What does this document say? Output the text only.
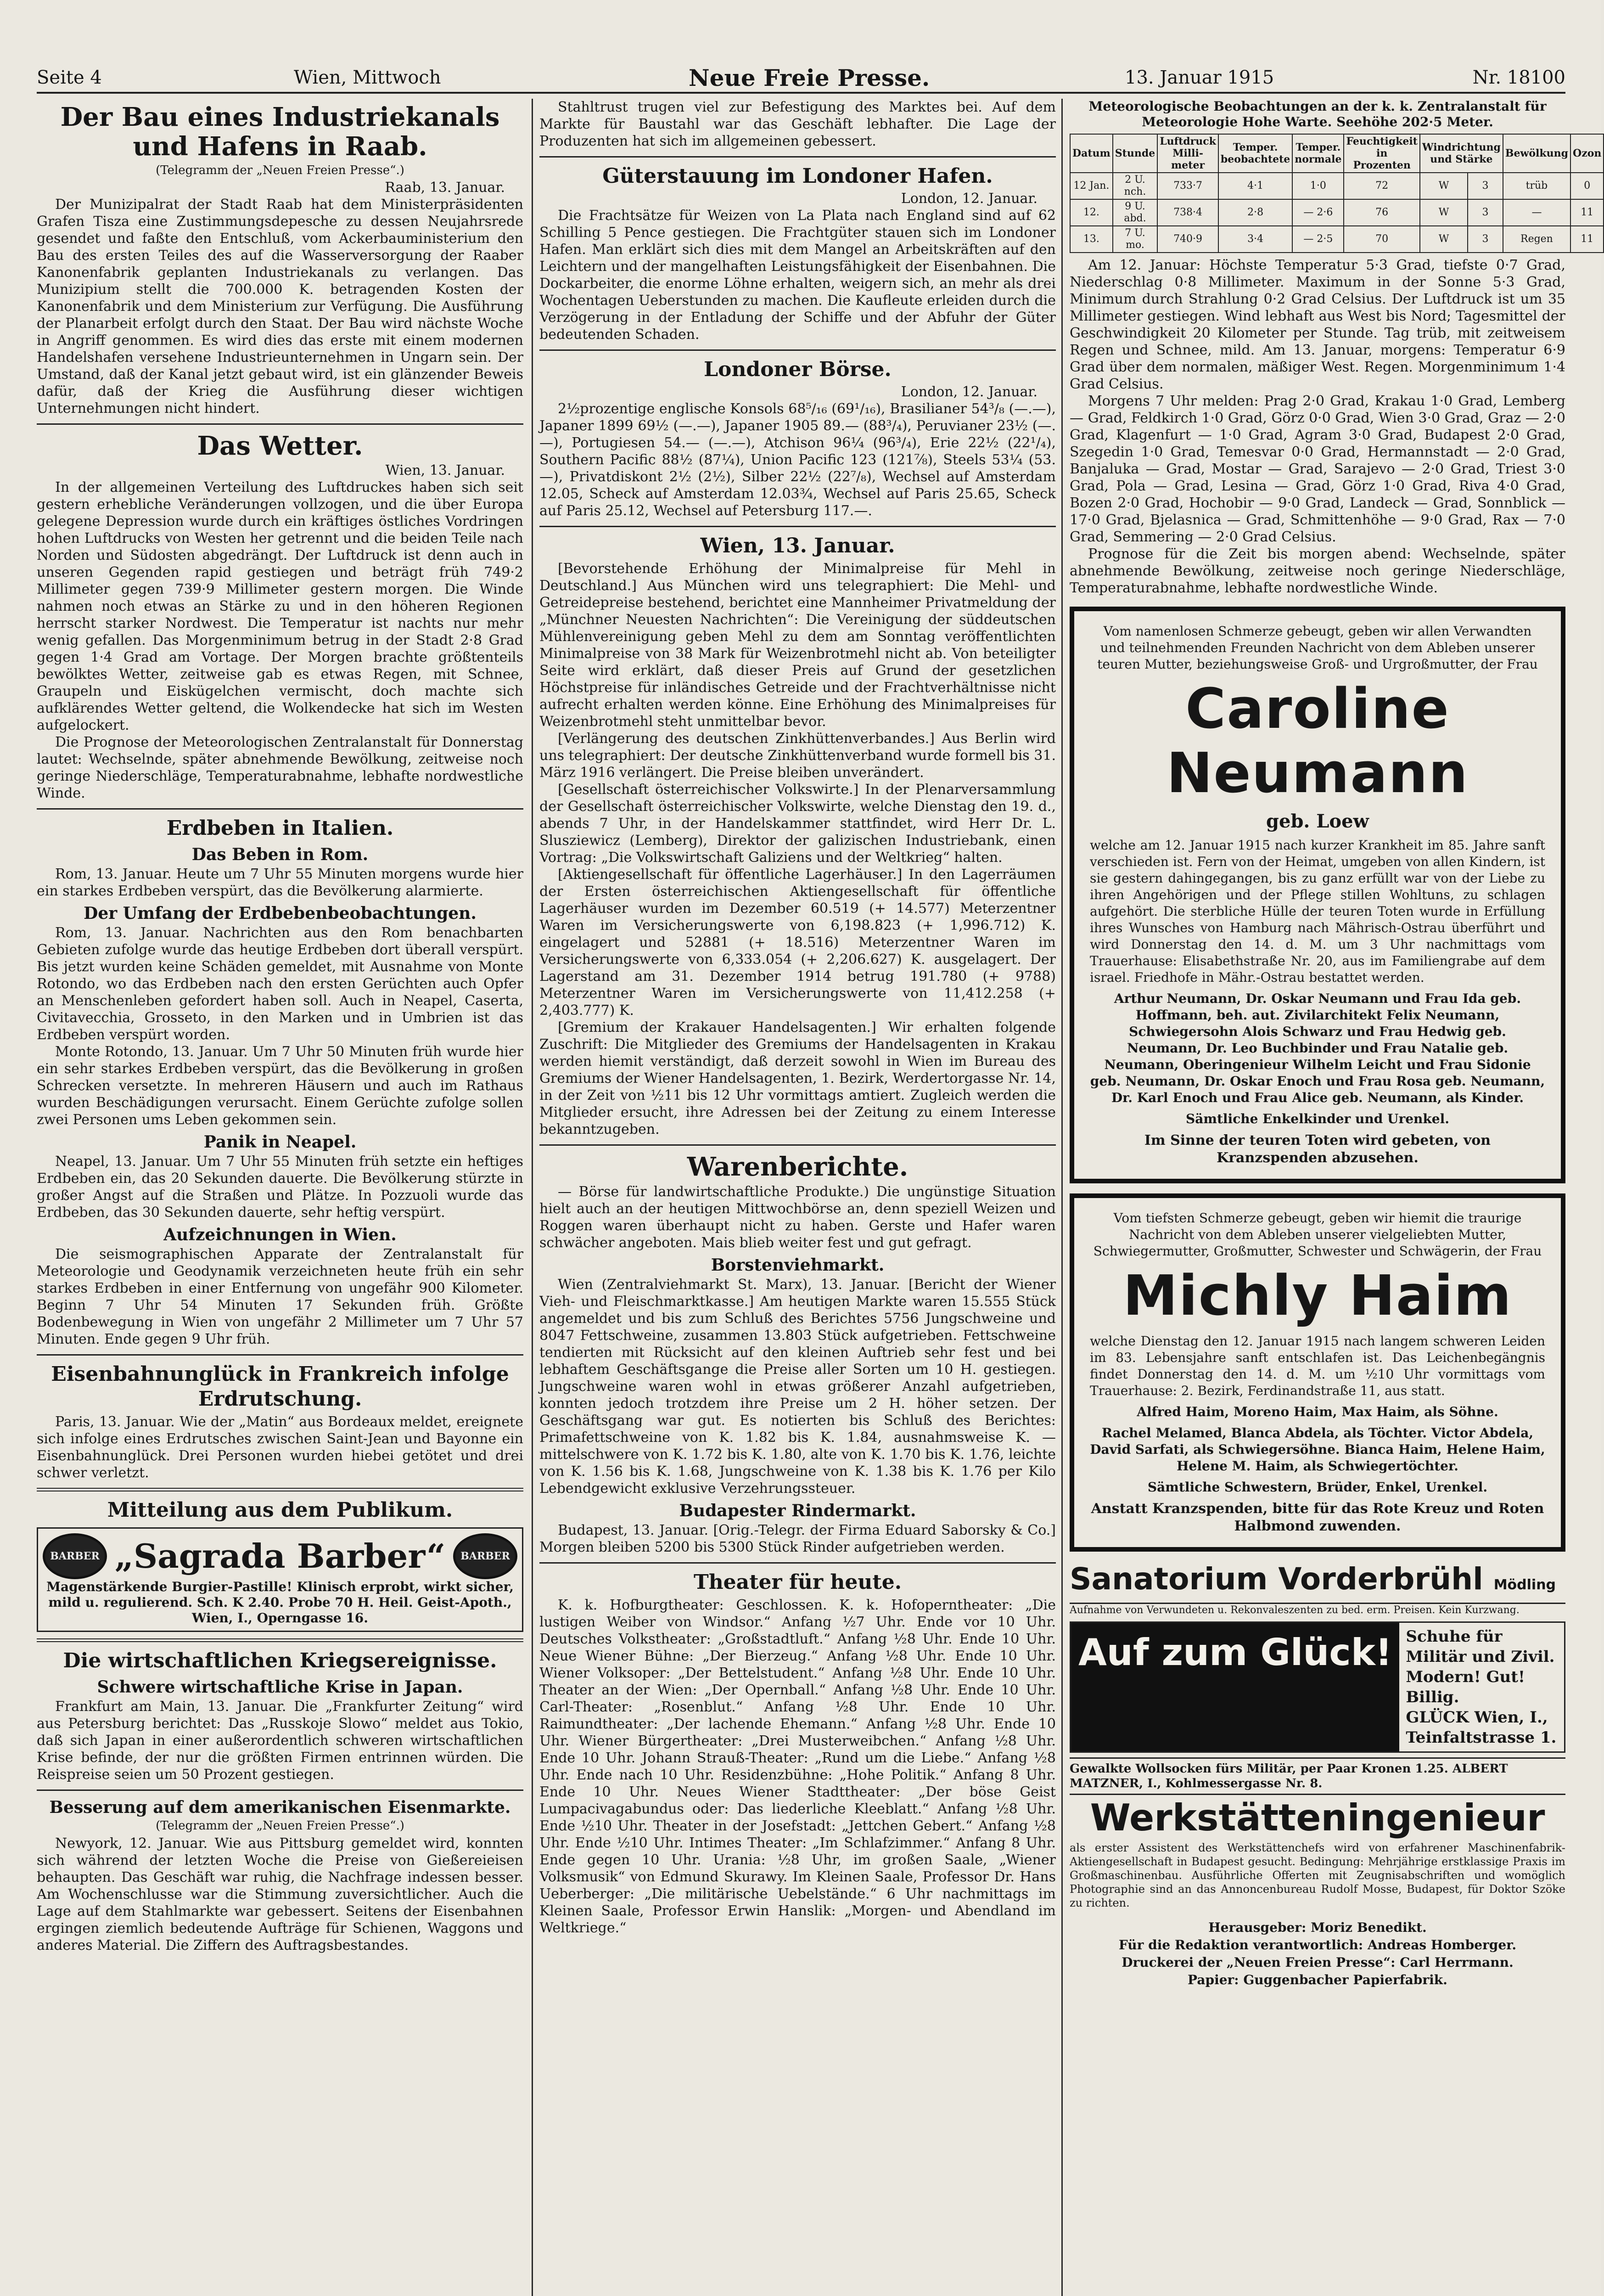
Seite 4	Wien, Mittwoch	Neue Freie Presse.	13. Januar 1915	Nr. 18100
Der Bau eines Industriekanals und Hafens in Raab.
(Telegramm der „Neuen Freien Presse“.)
Raab, 13. Januar.

Der Munizipalrat der Stadt Raab hat dem Ministerpräsidenten Grafen Tisza eine Zustimmungsdepesche zu dessen Neujahrsrede gesendet und faßte den Entschluß, vom Ackerbauministerium den Bau des ersten Teiles des auf die Wasserversorgung der Raaber Kanonenfabrik geplanten Industriekanals zu verlangen. Das Munizipium stellt die 700.000 K. betragenden Kosten der Kanonenfabrik und dem Ministerium zur Verfügung. Die Ausführung der Planarbeit erfolgt durch den Staat. Der Bau wird nächste Woche in Angriff genommen. Es wird dies das erste mit einem modernen Handelshafen versehene Industrieunternehmen in Ungarn sein. Der Umstand, daß der Kanal jetzt gebaut wird, ist ein glänzender Beweis dafür, daß der Krieg die Ausführung dieser wichtigen Unternehmungen nicht hindert.

Das Wetter.
Wien, 13. Januar.

In der allgemeinen Verteilung des Luftdruckes haben sich seit gestern erhebliche Veränderungen vollzogen, und die über Europa gelegene Depression wurde durch ein kräftiges östliches Vordringen hohen Luftdrucks von Westen her getrennt und die beiden Teile nach Norden und Südosten abgedrängt. Der Luftdruck ist denn auch in unseren Gegenden rapid gestiegen und beträgt früh 749·2 Millimeter gegen 739·9 Millimeter gestern morgen. Die Winde nahmen noch etwas an Stärke zu und in den höheren Regionen herrscht starker Nordwest. Die Temperatur ist nachts nur mehr wenig gefallen. Das Morgenminimum betrug in der Stadt 2·8 Grad gegen 1·4 Grad am Vortage. Der Morgen brachte größtenteils bewölktes Wetter, zeitweise gab es etwas Regen, mit Schnee, Graupeln und Eiskügelchen vermischt, doch machte sich aufklärendes Wetter geltend, die Wolkendecke hat sich im Westen aufgelockert.

Die Prognose der Meteorologischen Zentralanstalt für Donnerstag lautet: Wechselnde, später abnehmende Bewölkung, zeitweise noch geringe Niederschläge, Temperaturabnahme, lebhafte nordwestliche Winde.

Erdbeben in Italien.
Das Beben in Rom.

Rom, 13. Januar. Heute um 7 Uhr 55 Minuten morgens wurde hier ein starkes Erdbeben verspürt, das die Bevölkerung alarmierte.

Der Umfang der Erdbebenbeobachtungen.

Rom, 13. Januar. Nachrichten aus den Rom benachbarten Gebieten zufolge wurde das heutige Erdbeben dort überall verspürt. Bis jetzt wurden keine Schäden gemeldet, mit Ausnahme von Monte Rotondo, wo das Erdbeben nach den ersten Gerüchten auch Opfer an Menschenleben gefordert haben soll. Auch in Neapel, Caserta, Civitavecchia, Grosseto, in den Marken und in Umbrien ist das Erdbeben verspürt worden.

Monte Rotondo, 13. Januar. Um 7 Uhr 50 Minuten früh wurde hier ein sehr starkes Erdbeben verspürt, das die Bevölkerung in großen Schrecken versetzte. In mehreren Häusern und auch im Rathaus wurden Beschädigungen verursacht. Einem Gerüchte zufolge sollen zwei Personen ums Leben gekommen sein.

Panik in Neapel.

Neapel, 13. Januar. Um 7 Uhr 55 Minuten früh setzte ein heftiges Erdbeben ein, das 20 Sekunden dauerte. Die Bevölkerung stürzte in großer Angst auf die Straßen und Plätze. In Pozzuoli wurde das Erdbeben, das 30 Sekunden dauerte, sehr heftig verspürt.

Aufzeichnungen in Wien.

Die seismographischen Apparate der Zentralanstalt für Meteorologie und Geodynamik verzeichneten heute früh ein sehr starkes Erdbeben in einer Entfernung von ungefähr 900 Kilometer. Beginn 7 Uhr 54 Minuten 17 Sekunden früh. Größte Bodenbewegung in Wien von ungefähr 2 Millimeter um 7 Uhr 57 Minuten. Ende gegen 9 Uhr früh.

Eisenbahnunglück in Frankreich infolge Erdrutschung.

Paris, 13. Januar. Wie der „Matin“ aus Bordeaux meldet, ereignete sich infolge eines Erdrutsches zwischen Saint-Jean und Bayonne ein Eisenbahnunglück. Drei Personen wurden hiebei getötet und drei schwer verletzt.

Mitteilung aus dem Publikum.
BARBER „Sagrada Barber“	BARBER
Magenstärkende Burgier-Pastille! Klinisch erprobt, wirkt sicher, mild u. regulierend. Sch. K 2.40. Probe 70 H. Heil. Geist-Apoth., Wien, I., Operngasse 16.
Die wirtschaftlichen Kriegsereignisse.
Schwere wirtschaftliche Krise in Japan.

Frankfurt am Main, 13. Januar. Die „Frankfurter Zeitung“ wird aus Petersburg berichtet: Das „Russkoje Slowo“ meldet aus Tokio, daß sich Japan in einer außerordentlich schweren wirtschaftlichen Krise befinde, der nur die größten Firmen entrinnen würden. Die Reispreise seien um 50 Prozent gestiegen.

Besserung auf dem amerikanischen Eisenmarkte.
(Telegramm der „Neuen Freien Presse“.)

Newyork, 12. Januar. Wie aus Pittsburg gemeldet wird, konnten sich während der letzten Woche die Preise von Gießereieisen behaupten. Das Geschäft war ruhig, die Nachfrage indessen besser. Am Wochenschlusse war die Stimmung zuversichtlicher. Auch die Lage auf dem Stahlmarkte war gebessert. Seitens der Eisenbahnen ergingen ziemlich bedeutende Aufträge für Schienen, Waggons und anderes Material. Die Ziffern des Auftragsbestandes.

Stahltrust trugen viel zur Befestigung des Marktes bei. Auf dem Markte für Baustahl war das Geschäft lebhafter. Die Lage der Produzenten hat sich im allgemeinen gebessert.

Güterstauung im Londoner Hafen.
London, 12. Januar.

Die Frachtsätze für Weizen von La Plata nach England sind auf 62 Schilling 5 Pence gestiegen. Die Frachtgüter stauen sich im Londoner Hafen. Man erklärt sich dies mit dem Mangel an Arbeitskräften auf den Leichtern und der mangelhaften Leistungsfähigkeit der Eisenbahnen. Die Dockarbeiter, die enorme Löhne erhalten, weigern sich, an mehr als drei Wochentagen Ueberstunden zu machen. Die Kaufleute erleiden durch die Verzögerung in der Entladung der Schiffe und der Abfuhr der Güter bedeutenden Schaden.

Londoner Börse.
London, 12. Januar.

2½prozentige englische Konsols 68⁵/₁₆ (69¹/₁₆), Brasilianer 54³/₈ (—.—), Japaner 1899 69½ (—.—), Japaner 1905 89.— (88³/₄), Peruvianer 23½ (—.—), Portugiesen 54.— (—.—), Atchison 96¼ (96³/₄), Erie 22½ (22¹/₄), Southern Pacific 88½ (87¼), Union Pacific 123 (121⅞), Steels 53¼ (53.—), Privatdiskont 2½ (2½), Silber 22½ (22⁷/₈), Wechsel auf Amsterdam 12.05, Scheck auf Amsterdam 12.03¾, Wechsel auf Paris 25.65, Scheck auf Paris 25.12, Wechsel auf Petersburg 117.—.

Wien, 13. Januar.

[Bevorstehende Erhöhung der Minimalpreise für Mehl in Deutschland.] Aus München wird uns telegraphiert: Die Mehl- und Getreidepreise bestehend, berichtet eine Mannheimer Privatmeldung der „Münchner Neuesten Nachrichten“: Die Vereinigung der süddeutschen Mühlenvereinigung geben Mehl zu dem am Sonntag veröffentlichten Minimalpreise von 38 Mark für Weizenbrotmehl nicht ab. Von beteiligter Seite wird erklärt, daß dieser Preis auf Grund der gesetzlichen Höchstpreise für inländisches Getreide und der Frachtverhältnisse nicht aufrecht erhalten werden könne. Eine Erhöhung des Minimalpreises für Weizenbrotmehl steht unmittelbar bevor.

[Verlängerung des deutschen Zinkhüttenverbandes.] Aus Berlin wird uns telegraphiert: Der deutsche Zinkhüttenverband wurde formell bis 31. März 1916 verlängert. Die Preise bleiben unverändert.

[Gesellschaft österreichischer Volkswirte.] In der Plenarversammlung der Gesellschaft österreichischer Volkswirte, welche Dienstag den 19. d., abends 7 Uhr, in der Handelskammer stattfindet, wird Herr Dr. L. Slusziewicz (Lemberg), Direktor der galizischen Industriebank, einen Vortrag: „Die Volkswirtschaft Galiziens und der Weltkrieg“ halten.

[Aktiengesellschaft für öffentliche Lagerhäuser.] In den Lagerräumen der Ersten österreichischen Aktiengesellschaft für öffentliche Lagerhäuser wurden im Dezember 60.519 (+ 14.577) Meterzentner Waren im Versicherungswerte von 6,198.823 (+ 1,996.712) K. eingelagert und 52881 (+ 18.516) Meterzentner Waren im Versicherungswerte von 6,333.054 (+ 2,206.627) K. ausgelagert. Der Lagerstand am 31. Dezember 1914 betrug 191.780 (+ 9788) Meterzentner Waren im Versicherungswerte von 11,412.258 (+ 2,403.777) K.

[Gremium der Krakauer Handelsagenten.] Wir erhalten folgende Zuschrift: Die Mitglieder des Gremiums der Handelsagenten in Krakau werden hiemit verständigt, daß derzeit sowohl in Wien im Bureau des Gremiums der Wiener Handelsagenten, 1. Bezirk, Werdertorgasse Nr. 14, in der Zeit von ½11 bis 12 Uhr vormittags amtiert. Zugleich werden die Mitglieder ersucht, ihre Adressen bei der Zeitung zu einem Interesse bekanntzugeben.

Warenberichte.

— Börse für landwirtschaftliche Produkte.) Die ungünstige Situation hielt auch an der heutigen Mittwochbörse an, denn speziell Weizen und Roggen waren überhaupt nicht zu haben. Gerste und Hafer waren schwächer angeboten. Mais blieb weiter fest und gut gefragt.

Borstenviehmarkt.

Wien (Zentralviehmarkt St. Marx), 13. Januar. [Bericht der Wiener Vieh- und Fleischmarktkasse.] Am heutigen Markte waren 15.555 Stück angemeldet und bis zum Schluß des Berichtes 5756 Jungschweine und 8047 Fettschweine, zusammen 13.803 Stück aufgetrieben. Fettschweine tendierten mit Rücksicht auf den kleinen Auftrieb sehr fest und bei lebhaftem Geschäftsgange die Preise aller Sorten um 10 H. gestiegen. Jungschweine waren wohl in etwas größerer Anzahl aufgetrieben, konnten jedoch trotzdem ihre Preise um 2 H. höher setzen. Der Geschäftsgang war gut. Es notierten bis Schluß des Berichtes: Primafettschweine von K. 1.82 bis K. 1.84, ausnahmsweise K. — mittelschwere von K. 1.72 bis K. 1.80, alte von K. 1.70 bis K. 1.76, leichte von K. 1.56 bis K. 1.68, Jungschweine von K. 1.38 bis K. 1.76 per Kilo Lebendgewicht exklusive Verzehrungssteuer.

Budapester Rindermarkt.

Budapest, 13. Januar. [Orig.-Telegr. der Firma Eduard Saborsky & Co.] Morgen bleiben 5200 bis 5300 Stück Rinder aufgetrieben werden.

Theater für heute.

K. k. Hofburgtheater: Geschlossen. K. k. Hofoperntheater: „Die lustigen Weiber von Windsor.“ Anfang ½7 Uhr. Ende vor 10 Uhr. Deutsches Volkstheater: „Großstadtluft.“ Anfang ½8 Uhr. Ende 10 Uhr. Neue Wiener Bühne: „Der Bierzeug.“ Anfang ½8 Uhr. Ende 10 Uhr. Wiener Volksoper: „Der Bettelstudent.“ Anfang ½8 Uhr. Ende 10 Uhr. Theater an der Wien: „Der Opernball.“ Anfang ½8 Uhr. Ende 10 Uhr. Carl-Theater: „Rosenblut.“ Anfang ½8 Uhr. Ende 10 Uhr. Raimundtheater: „Der lachende Ehemann.“ Anfang ½8 Uhr. Ende 10 Uhr. Wiener Bürgertheater: „Drei Musterweibchen.“ Anfang ½8 Uhr. Ende 10 Uhr. Johann Strauß-Theater: „Rund um die Liebe.“ Anfang ½8 Uhr. Ende nach 10 Uhr. Residenzbühne: „Hohe Politik.“ Anfang 8 Uhr. Ende 10 Uhr. Neues Wiener Stadttheater: „Der böse Geist Lumpacivagabundus oder: Das liederliche Kleeblatt.“ Anfang ½8 Uhr. Ende ½10 Uhr. Theater in der Josefstadt: „Jettchen Gebert.“ Anfang ½8 Uhr. Ende ½10 Uhr. Intimes Theater: „Im Schlafzimmer.“ Anfang 8 Uhr. Ende gegen 10 Uhr. Urania: ½8 Uhr, im großen Saale, „Wiener Volksmusik“ von Edmund Skurawy. Im Kleinen Saale, Professor Dr. Hans Ueberberger: „Die militärische Uebelstände.“ 6 Uhr nachmittags im Kleinen Saale, Professor Erwin Hanslik: „Morgen- und Abendland im Weltkriege.“

Meteorologische Beobachtungen an der k. k. Zentralanstalt für Meteorologie Hohe Warte. Seehöhe 202·5 Meter.
Datum	Stunde	Luftdruck Milli-meter	Temper. beobachtete	Temper. normale	Feuchtigkeit in Prozenten	Windrichtung und Stärke		Bewölkung	Ozon
12 Jan.	2 U. nch.	733·7	4·1	1·0	72	W	3	trüb	0
12.	9 U. abd.	738·4	2·8	— 2·6	76	W	3	—	11
13.	7 U. mo.	740·9	3·4	— 2·5	70	W	3	Regen	11

Am 12. Januar: Höchste Temperatur 5·3 Grad, tiefste 0·7 Grad, Niederschlag 0·8 Millimeter. Maximum in der Sonne 5·3 Grad, Minimum durch Strahlung 0·2 Grad Celsius. Der Luftdruck ist um 35 Millimeter gestiegen. Wind lebhaft aus West bis Nord; Tagesmittel der Geschwindigkeit 20 Kilometer per Stunde. Tag trüb, mit zeitweisem Regen und Schnee, mild. Am 13. Januar, morgens: Temperatur 6·9 Grad über dem normalen, mäßiger West. Regen. Morgenminimum 1·4 Grad Celsius.

Morgens 7 Uhr melden: Prag 2·0 Grad, Krakau 1·0 Grad, Lemberg — Grad, Feldkirch 1·0 Grad, Görz 0·0 Grad, Wien 3·0 Grad, Graz — 2·0 Grad, Klagenfurt — 1·0 Grad, Agram 3·0 Grad, Budapest 2·0 Grad, Szegedin 1·0 Grad, Temesvar 0·0 Grad, Hermannstadt — 2·0 Grad, Banjaluka — Grad, Mostar — Grad, Sarajevo — 2·0 Grad, Triest 3·0 Grad, Pola — Grad, Lesina — Grad, Görz 1·0 Grad, Riva 4·0 Grad, Bozen 2·0 Grad, Hochobir — 9·0 Grad, Landeck — Grad, Sonnblick — 17·0 Grad, Bjelasnica — Grad, Schmittenhöhe — 9·0 Grad, Rax — 7·0 Grad, Semmering — 2·0 Grad Celsius.

Prognose für die Zeit bis morgen abend: Wechselnde, später abnehmende Bewölkung, zeitweise noch geringe Niederschläge, Temperaturabnahme, lebhafte nordwestliche Winde.

Vom namenlosen Schmerze gebeugt, geben wir allen Verwandten und teilnehmenden Freunden Nachricht von dem Ableben unserer teuren Mutter, beziehungsweise Groß- und Urgroßmutter, der Frau
Caroline Neumann
geb. Loew
welche am 12. Januar 1915 nach kurzer Krankheit im 85. Jahre sanft verschieden ist. Fern von der Heimat, umgeben von allen Kindern, ist sie gestern dahingegangen, bis zu ganz erfüllt war von der Liebe zu ihren Angehörigen und der Pflege stillen Wohltuns, zu schlagen aufgehört. Die sterbliche Hülle der teuren Toten wurde in Erfüllung ihres Wunsches von Hamburg nach Mährisch-Ostrau überführt und wird Donnerstag den 14. d. M. um 3 Uhr nachmittags vom Trauerhause: Elisabethstraße Nr. 20, aus im Familiengrabe auf dem israel. Friedhofe in Mähr.-Ostrau bestattet werden.
Arthur Neumann, Dr. Oskar Neumann und Frau Ida geb. Hoffmann, beh. aut. Zivilarchitekt Felix Neumann, Schwiegersohn Alois Schwarz und Frau Hedwig geb. Neumann, Dr. Leo Buchbinder und Frau Natalie geb. Neumann, Oberingenieur Wilhelm Leicht und Frau Sidonie geb. Neumann, Dr. Oskar Enoch und Frau Rosa geb. Neumann, Dr. Karl Enoch und Frau Alice geb. Neumann, als Kinder.
Sämtliche Enkelkinder und Urenkel.
Im Sinne der teuren Toten wird gebeten, von Kranzspenden abzusehen.
Vom tiefsten Schmerze gebeugt, geben wir hiemit die traurige Nachricht von dem Ableben unserer vielgeliebten Mutter, Schwiegermutter, Großmutter, Schwester und Schwägerin, der Frau
Michly Haim
welche Dienstag den 12. Januar 1915 nach langem schweren Leiden im 83. Lebensjahre sanft entschlafen ist. Das Leichenbegängnis findet Donnerstag den 14. d. M. um ½10 Uhr vormittags vom Trauerhause: 2. Bezirk, Ferdinandstraße 11, aus statt.
Alfred Haim, Moreno Haim, Max Haim, als Söhne.
Rachel Melamed, Blanca Abdela, als Töchter. Victor Abdela, David Sarfati, als Schwiegersöhne. Bianca Haim, Helene Haim, Helene M. Haim, als Schwiegertöchter.
Sämtliche Schwestern, Brüder, Enkel, Urenkel.
Anstatt Kranzspenden, bitte für das Rote Kreuz und Roten Halbmond zuwenden.
Sanatorium Vorderbrühl Mödling
Aufnahme von Verwundeten u. Rekonvaleszenten zu bed. erm. Preisen. Kein Kurzwang.
Auf zum Glück! Schuhe für Militär und Zivil.
Modern! Gut! Billig.
GLÜCK Wien, I., Teinfaltstrasse 1.
Gewalkte Wollsocken fürs Militär, per Paar Kronen 1.25. ALBERT MATZNER, I., Kohlmessergasse Nr. 8.
Werkstätteningenieur
als erster Assistent des Werkstättenchefs wird von erfahrener Maschinenfabrik-Aktiengesellschaft in Budapest gesucht. Bedingung: Mehrjährige erstklassige Praxis im Großmaschinenbau. Ausführliche Offerten mit Zeugnisabschriften und womöglich Photographie sind an das Annoncenbureau Rudolf Mosse, Budapest, für Doktor Szöke zu richten.
Herausgeber: Moriz Benedikt.
Für die Redaktion verantwortlich: Andreas Homberger.
Druckerei der „Neuen Freien Presse“: Carl Herrmann.
Papier: Guggenbacher Papierfabrik.
